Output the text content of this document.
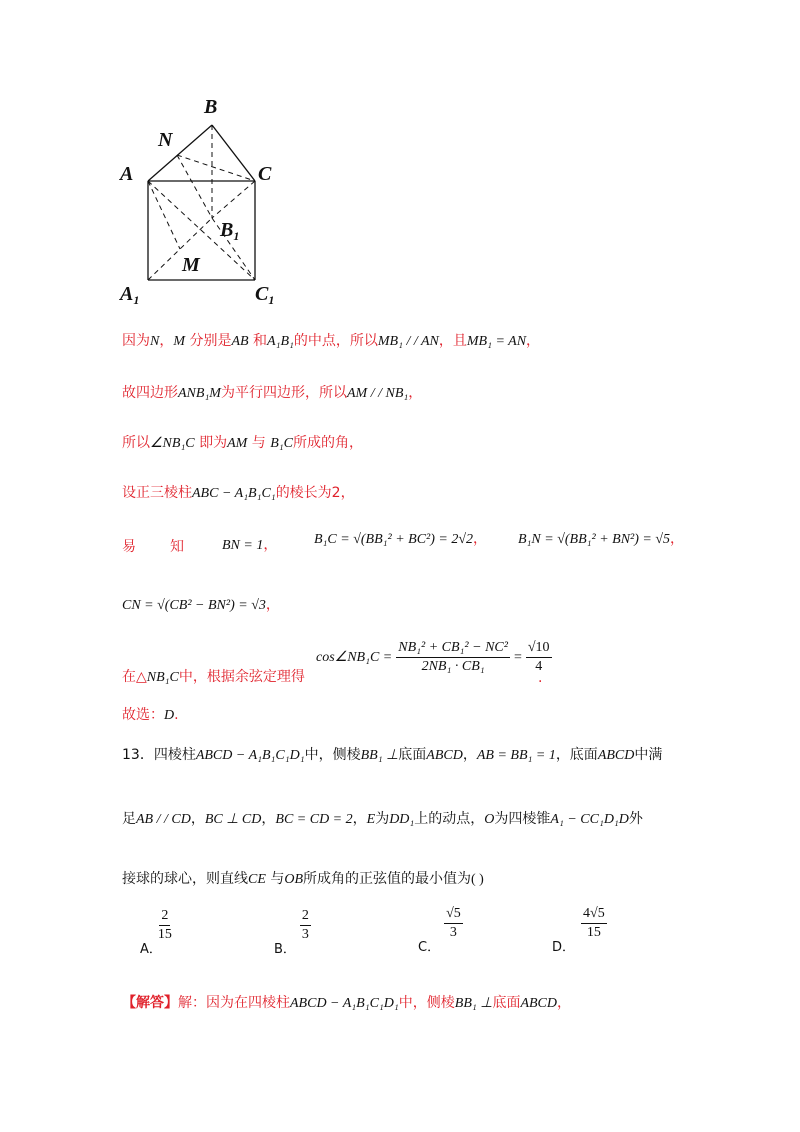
B
N
A	C
$B_1$
M
$A_1$	$C_1$
因为N，M 分别是AB 和A₁B₁的中点，所以MB₁ / / AN，且MB₁ = AN，
故四边形ANB₁M为平行四边形，所以AM / / NB₁，
所以∠NB₁C 即为AM 与 B₁C所成的角，
设正三棱柱ABC − A₁B₁C₁的棱长为2，
易 知	BN = 1，	B₁C = √(BB₁² + BC²) = 2√2， B₁N = √(BB₁² + BN²) = √5，
CN = √(CB² − BN²) = √3，
在△NB₁C中，根据余弦定理得
cos∠NB₁C = $\frac{\text{NB₁² + CB₁² − NC²}}{\text{2NB₁ · CB₁}} = \frac{√10}{4}$
.
故选：D.
13．四棱柱ABCD − A₁B₁C₁D₁中，侧棱BB₁ ⊥底面ABCD，AB = BB₁ = 1，底面ABCD中满
足AB / / CD，BC ⊥ CD，BC = CD = 2，E为DD₁上的动点，O为四棱锥A₁ − CC₁D₁D外
接球的球心，则直线CE 与OB所成角的正弦值的最小值为( )
A．
$\frac{2}{15}$
B．
$\frac{2}{3}$
C．
$\frac{√5}{3}$
D．
$\frac{4√5}{15}$
【解答】解：因为在四棱柱ABCD − A₁B₁C₁D₁中，侧棱BB₁ ⊥底面ABCD，
